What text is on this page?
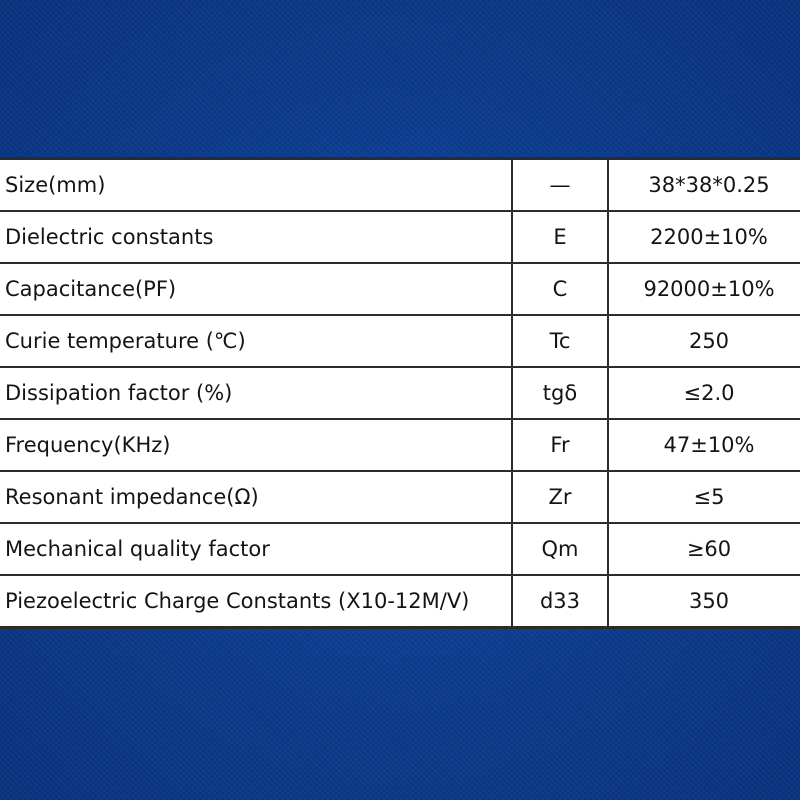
Size(mm)	—	38*38*0.25
Dielectric constants	E	2200±10%
Capacitance(PF)	C	92000±10%
Curie temperature (℃)	Tc	250
Dissipation factor (%)	tgδ	≤2.0
Frequency(KHz)	Fr	47±10%
Resonant impedance(Ω)	Zr	≤5
Mechanical quality factor	Qm	≥60
Piezoelectric Charge Constants (X10-12M/V)	d33	350
